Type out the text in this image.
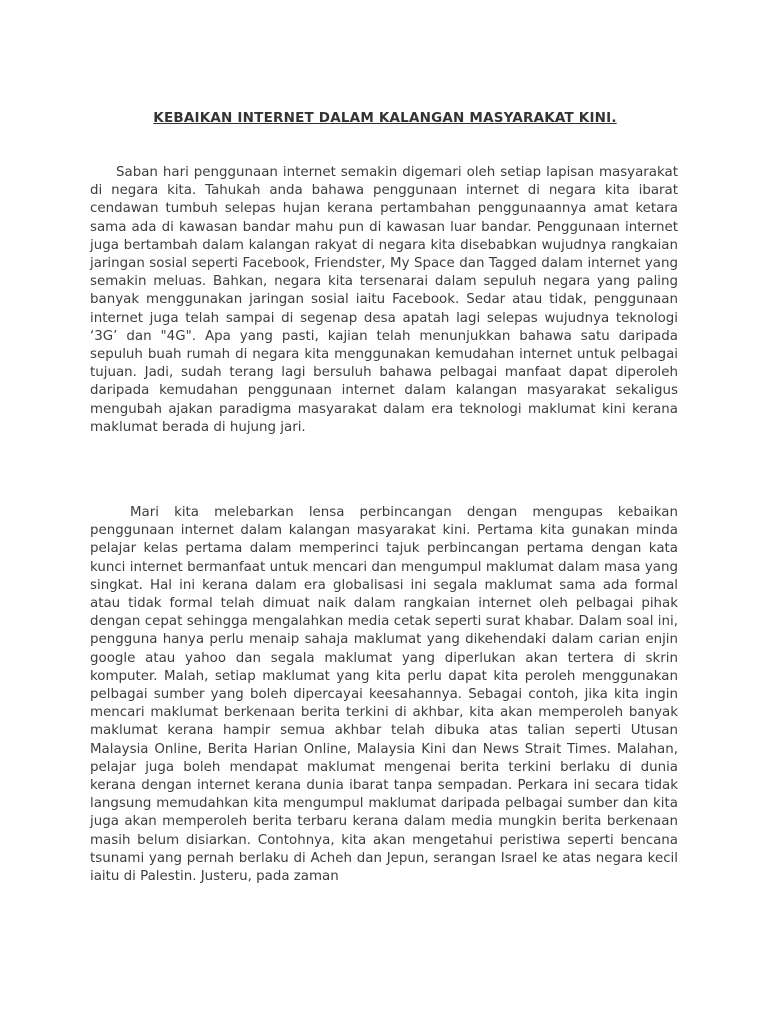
KEBAIKAN INTERNET DALAM KALANGAN MASYARAKAT KINI.

Saban hari penggunaan internet semakin digemari oleh setiap lapisan masyarakat di negara kita. Tahukah anda bahawa penggunaan internet di negara kita ibarat cendawan tumbuh selepas hujan kerana pertambahan penggunaannya amat ketara sama ada di kawasan bandar mahu pun di kawasan luar bandar. Penggunaan internet juga bertambah dalam kalangan rakyat di negara kita disebabkan wujudnya rangkaian jaringan sosial seperti Facebook, Friendster, My Space dan Tagged dalam internet yang semakin meluas. Bahkan, negara kita tersenarai dalam sepuluh negara yang paling banyak menggunakan jaringan sosial iaitu Facebook. Sedar atau tidak, penggunaan internet juga telah sampai di segenap desa apatah lagi selepas wujudnya teknologi ‘3G’ dan "4G". Apa yang pasti, kajian telah menunjukkan bahawa satu daripada sepuluh buah rumah di negara kita menggunakan kemudahan internet untuk pelbagai tujuan. Jadi, sudah terang lagi bersuluh bahawa pelbagai manfaat dapat diperoleh daripada kemudahan penggunaan internet dalam kalangan masyarakat sekaligus mengubah ajakan paradigma masyarakat dalam era teknologi maklumat kini kerana maklumat berada di hujung jari.

Mari kita melebarkan lensa perbincangan dengan mengupas kebaikan penggunaan internet dalam kalangan masyarakat kini. Pertama kita gunakan minda pelajar kelas pertama dalam memperinci tajuk perbincangan pertama dengan kata kunci internet bermanfaat untuk mencari dan mengumpul maklumat dalam masa yang singkat. Hal ini kerana dalam era globalisasi ini segala maklumat sama ada formal atau tidak formal telah dimuat naik dalam rangkaian internet oleh pelbagai pihak dengan cepat sehingga mengalahkan media cetak seperti surat khabar. Dalam soal ini, pengguna hanya perlu menaip sahaja maklumat yang dikehendaki dalam carian enjin google atau yahoo dan segala maklumat yang diperlukan akan tertera di skrin komputer. Malah, setiap maklumat yang kita perlu dapat kita peroleh menggunakan pelbagai sumber yang boleh dipercayai keesahannya. Sebagai contoh, jika kita ingin mencari maklumat berkenaan berita terkini di akhbar, kita akan memperoleh banyak maklumat kerana hampir semua akhbar telah dibuka atas talian seperti Utusan Malaysia Online, Berita Harian Online, Malaysia Kini dan News Strait Times. Malahan, pelajar juga boleh mendapat maklumat mengenai berita terkini berlaku di dunia kerana dengan internet kerana dunia ibarat tanpa sempadan. Perkara ini secara tidak langsung memudahkan kita mengumpul maklumat daripada pelbagai sumber dan kita juga akan memperoleh berita terbaru kerana dalam media mungkin berita berkenaan masih belum disiarkan. Contohnya, kita akan mengetahui peristiwa seperti bencana tsunami yang pernah berlaku di Acheh dan Jepun, serangan Israel ke atas negara kecil iaitu di Palestin. Justeru, pada zaman
